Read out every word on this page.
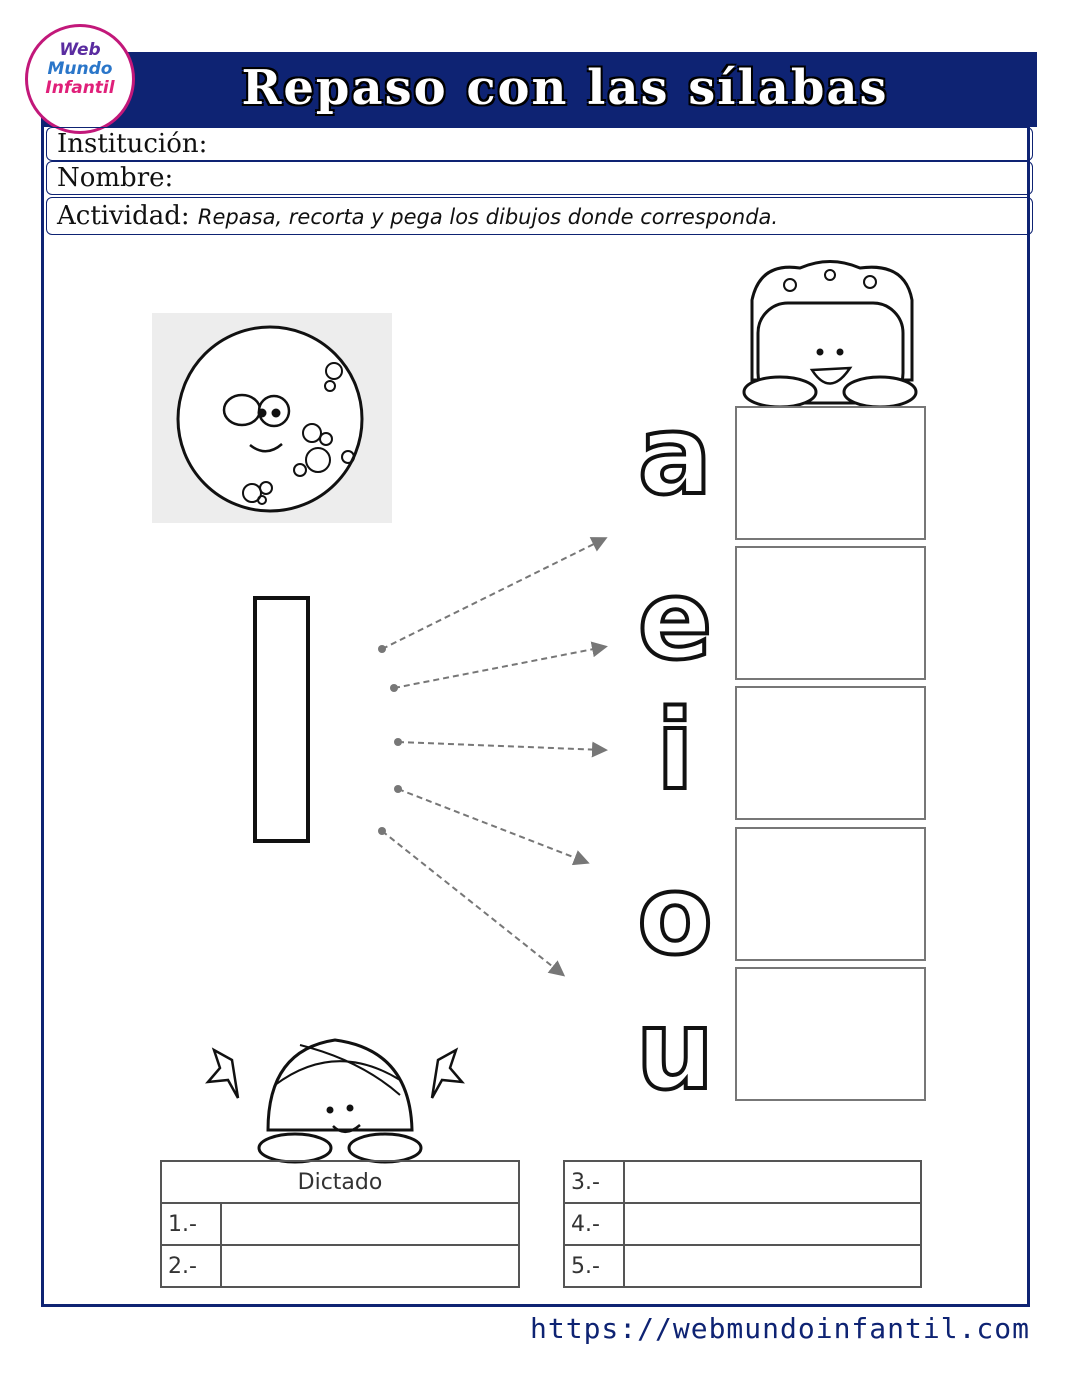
Repaso con las sílabas
Web
Mundo
Infantil
Institución:
Nombre:
Actividad: Repasa, recorta y pega los dibujos donde corresponda.
a
e
i
o
u
Dictado	
1.-	
2.-	
3.-	
4.-	
5.-	
https://webmundoinfantil.com
l
